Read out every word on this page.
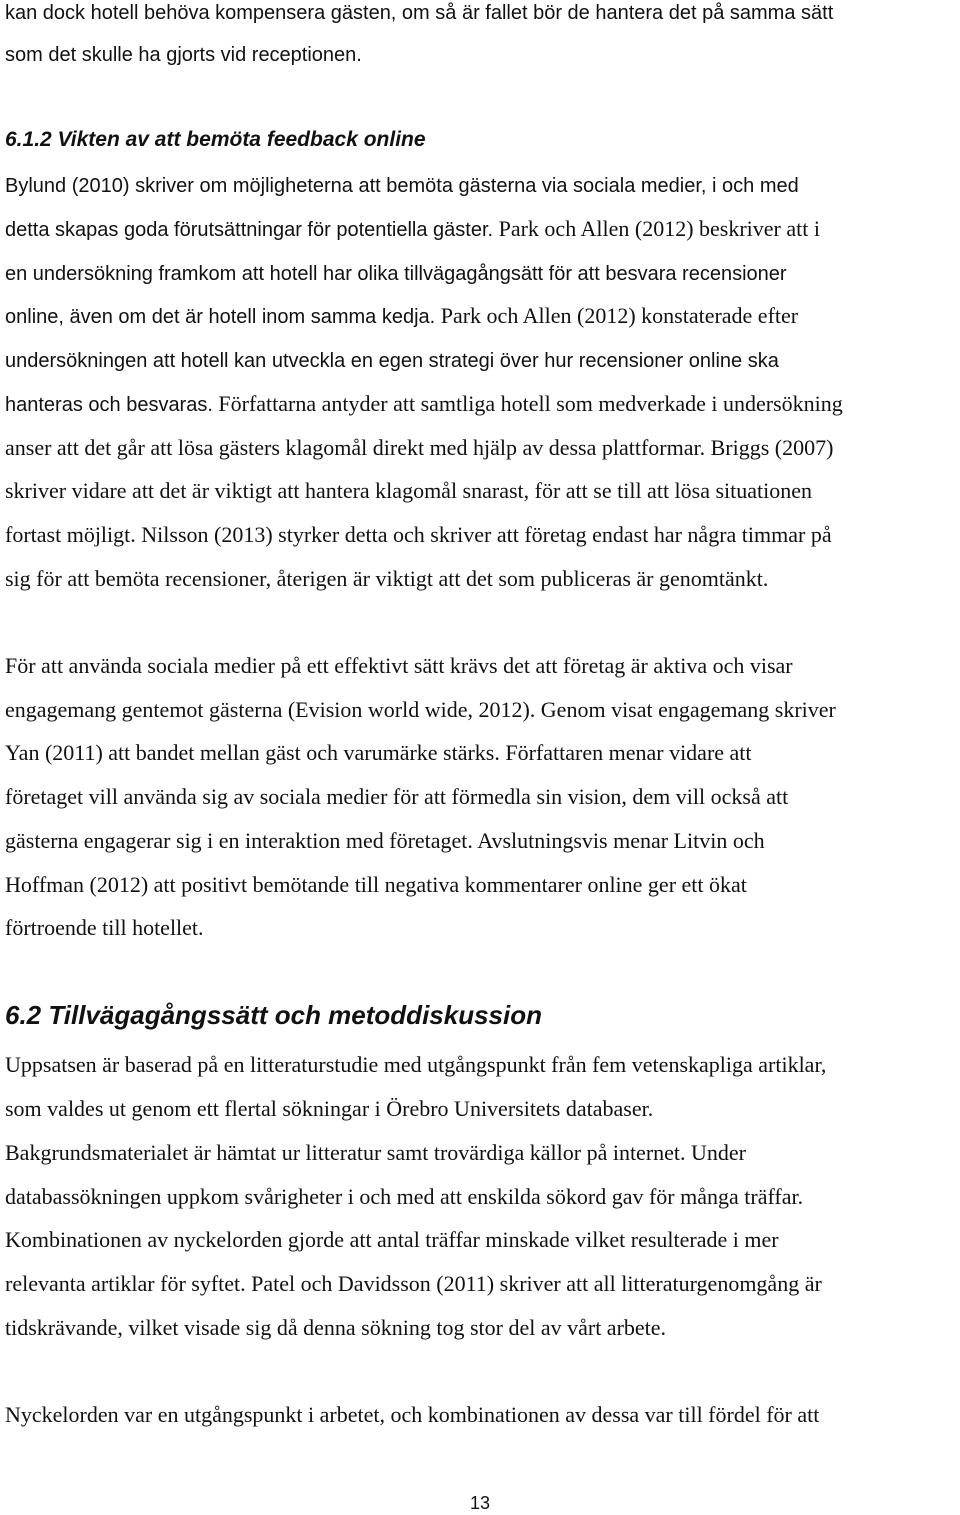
kan dock hotell behöva kompensera gästen, om så är fallet bör de hantera det på samma sätt
som det skulle ha gjorts vid receptionen.
6.1.2 Vikten av att bemöta feedback online
Bylund (2010) skriver om möjligheterna att bemöta gästerna via sociala medier, i och med
detta skapas goda förutsättningar för potentiella gäster. Park och Allen (2012) beskriver att i
en undersökning framkom att hotell har olika tillvägagångsätt för att besvara recensioner
online, även om det är hotell inom samma kedja. Park och Allen (2012) konstaterade efter
undersökningen att hotell kan utveckla en egen strategi över hur recensioner online ska
hanteras och besvaras. Författarna antyder att samtliga hotell som medverkade i undersökning
anser att det går att lösa gästers klagomål direkt med hjälp av dessa plattformar. Briggs (2007)
skriver vidare att det är viktigt att hantera klagomål snarast, för att se till att lösa situationen
fortast möjligt. Nilsson (2013) styrker detta och skriver att företag endast har några timmar på
sig för att bemöta recensioner, återigen är viktigt att det som publiceras är genomtänkt.
För att använda sociala medier på ett effektivt sätt krävs det att företag är aktiva och visar
engagemang gentemot gästerna (Evision world wide, 2012). Genom visat engagemang skriver
Yan (2011) att bandet mellan gäst och varumärke stärks. Författaren menar vidare att
företaget vill använda sig av sociala medier för att förmedla sin vision, dem vill också att
gästerna engagerar sig i en interaktion med företaget. Avslutningsvis menar Litvin och
Hoffman (2012) att positivt bemötande till negativa kommentarer online ger ett ökat
förtroende till hotellet.
6.2 Tillvägagångssätt och metoddiskussion
Uppsatsen är baserad på en litteraturstudie med utgångspunkt från fem vetenskapliga artiklar,
som valdes ut genom ett flertal sökningar i Örebro Universitets databaser.
Bakgrundsmaterialet är hämtat ur litteratur samt trovärdiga källor på internet. Under
databassökningen uppkom svårigheter i och med att enskilda sökord gav för många träffar.
Kombinationen av nyckelorden gjorde att antal träffar minskade vilket resulterade i mer
relevanta artiklar för syftet. Patel och Davidsson (2011) skriver att all litteraturgenomgång är
tidskrävande, vilket visade sig då denna sökning tog stor del av vårt arbete.
Nyckelorden var en utgångspunkt i arbetet, och kombinationen av dessa var till fördel för att
13
